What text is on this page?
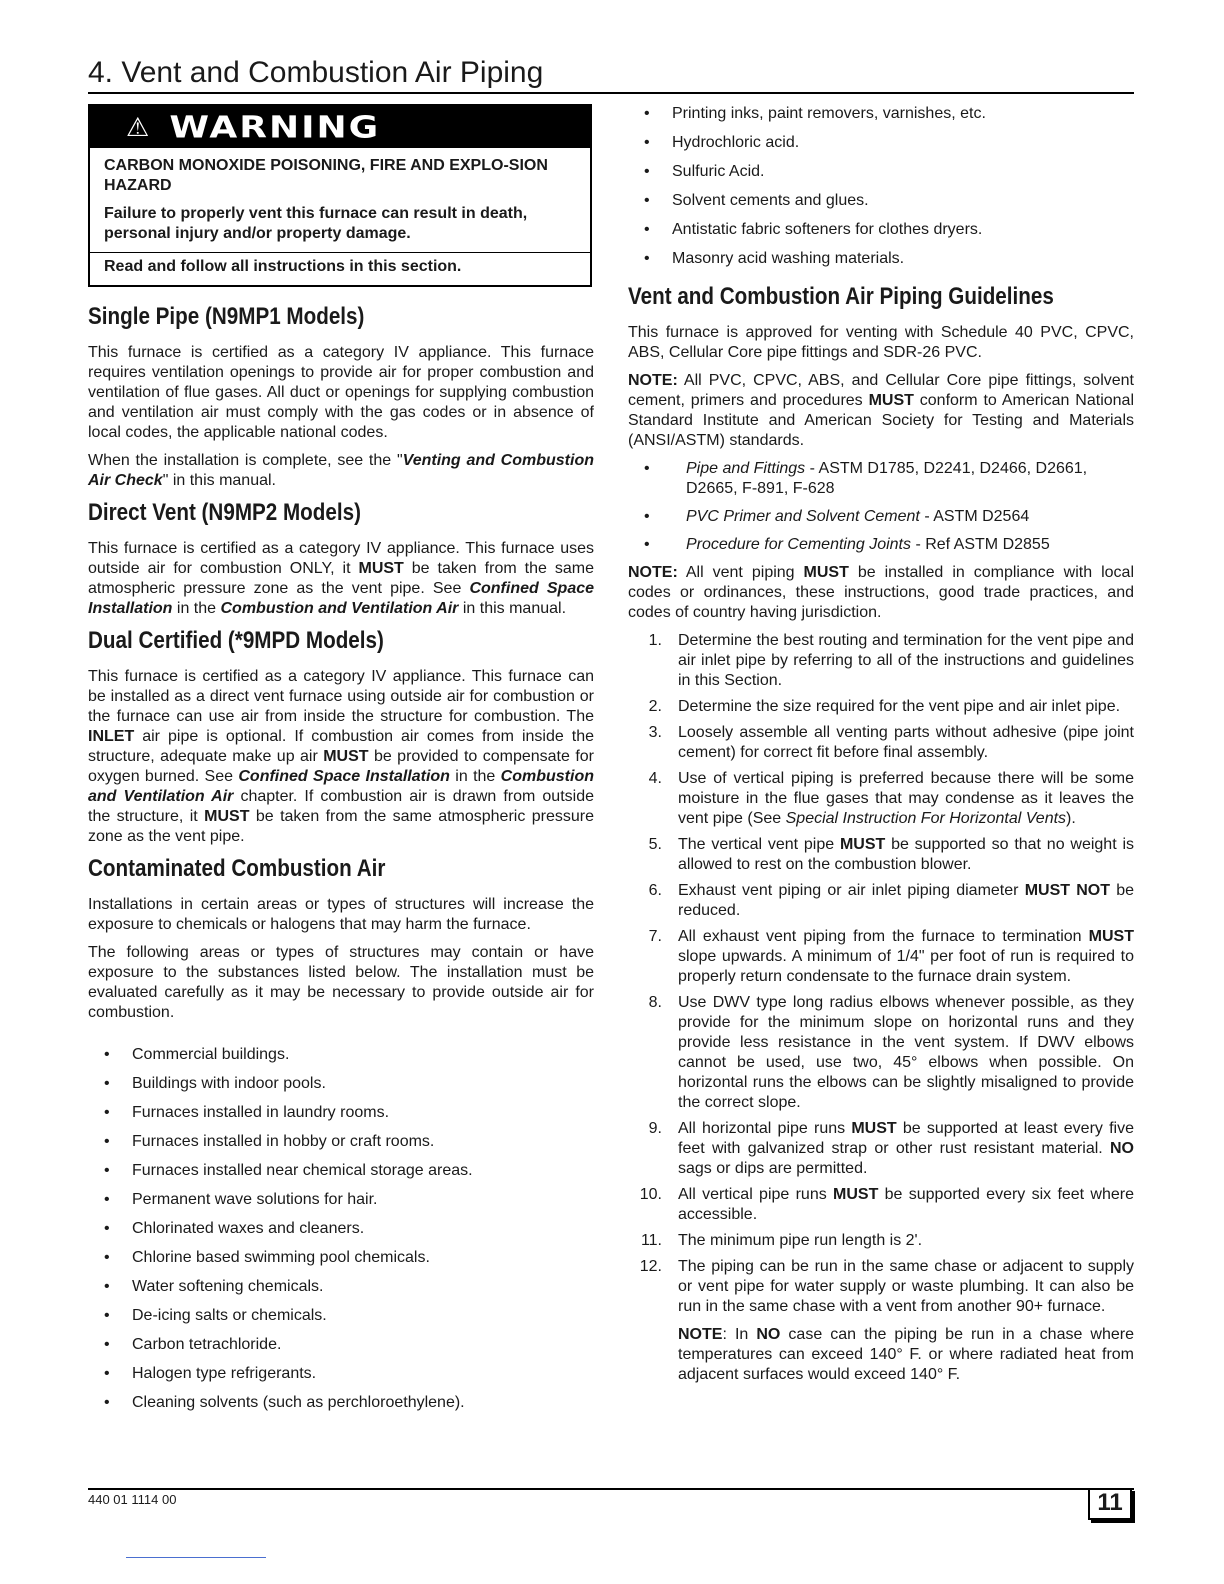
4. Vent and Combustion Air Piping
⚠ WARNING

CARBON MONOXIDE POISONING, FIRE AND EXPLO-SION HAZARD

Failure to properly vent this furnace can result in death, personal injury and/or property damage.

Read and follow all instructions in this section.

Single Pipe (N9MP1 Models)

This furnace is certified as a category IV appliance. This furnace requires ventilation openings to provide air for proper combustion and ventilation of flue gases. All duct or openings for supplying combustion and ventilation air must comply with the gas codes or in absence of local codes, the applicable national codes.

When the installation is complete, see the "Venting and Combustion Air Check" in this manual.

Direct Vent (N9MP2 Models)

This furnace is certified as a category IV appliance. This furnace uses outside air for combustion ONLY, it MUST be taken from the same atmospheric pressure zone as the vent pipe. See Confined Space Installation in the Combustion and Ventilation Air in this manual.

Dual Certified (*9MPD Models)

This furnace is certified as a category IV appliance. This furnace can be installed as a direct vent furnace using outside air for combustion or the furnace can use air from inside the structure for combustion. The INLET air pipe is optional. If combustion air comes from inside the structure, adequate make up air MUST be provided to compensate for oxygen burned. See Confined Space Installation in the Combustion and Ventilation Air chapter. If combustion air is drawn from outside the structure, it MUST be taken from the same atmospheric pressure zone as the vent pipe.

Contaminated Combustion Air

Installations in certain areas or types of structures will increase the exposure to chemicals or halogens that may harm the furnace.

The following areas or types of structures may contain or have exposure to the substances listed below. The installation must be evaluated carefully as it may be necessary to provide outside air for combustion.

• Commercial buildings.
• Buildings with indoor pools.
• Furnaces installed in laundry rooms.
• Furnaces installed in hobby or craft rooms.
• Furnaces installed near chemical storage areas.
• Permanent wave solutions for hair.
• Chlorinated waxes and cleaners.
• Chlorine based swimming pool chemicals.
• Water softening chemicals.
• De-icing salts or chemicals.
• Carbon tetrachloride.
• Halogen type refrigerants.
• Cleaning solvents (such as perchloroethylene).
• Printing inks, paint removers, varnishes, etc.
• Hydrochloric acid.
• Sulfuric Acid.
• Solvent cements and glues.
• Antistatic fabric softeners for clothes dryers.
• Masonry acid washing materials.
Vent and Combustion Air Piping Guidelines

This furnace is approved for venting with Schedule 40 PVC, CPVC, ABS, Cellular Core pipe fittings and SDR-26 PVC.

NOTE: All PVC, CPVC, ABS, and Cellular Core pipe fittings, solvent cement, primers and procedures MUST conform to American National Standard Institute and American Society for Testing and Materials (ANSI/ASTM) standards.

• Pipe and Fittings - ASTM D1785, D2241, D2466, D2661, D2665, F-891, F-628
• PVC Primer and Solvent Cement - ASTM D2564
• Procedure for Cementing Joints - Ref ASTM D2855

NOTE: All vent piping MUST be installed in compliance with local codes or ordinances, these instructions, good trade practices, and codes of country having jurisdiction.

1. Determine the best routing and termination for the vent pipe and air inlet pipe by referring to all of the instructions and guidelines in this Section.
2. Determine the size required for the vent pipe and air inlet pipe.
3. Loosely assemble all venting parts without adhesive (pipe joint cement) for correct fit before final assembly.
4. Use of vertical piping is preferred because there will be some moisture in the flue gases that may condense as it leaves the vent pipe (See Special Instruction For Horizontal Vents).
5. The vertical vent pipe MUST be supported so that no weight is allowed to rest on the combustion blower.
6. Exhaust vent piping or air inlet piping diameter MUST NOT be reduced.
7. All exhaust vent piping from the furnace to termination MUST slope upwards. A minimum of 1/4" per foot of run is required to properly return condensate to the furnace drain system.
8. Use DWV type long radius elbows whenever possible, as they provide for the minimum slope on horizontal runs and they provide less resistance in the vent system. If DWV elbows cannot be used, use two, 45° elbows when possible. On horizontal runs the elbows can be slightly misaligned to provide the correct slope.
9. All horizontal pipe runs MUST be supported at least every five feet with galvanized strap or other rust resistant material. NO sags or dips are permitted.
10. All vertical pipe runs MUST be supported every six feet where accessible.
11. The minimum pipe run length is 2'.
12. The piping can be run in the same chase or adjacent to supply or vent pipe for water supply or waste plumbing. It can also be run in the same chase with a vent from another 90+ furnace.
NOTE: In NO case can the piping be run in a chase where temperatures can exceed 140° F. or where radiated heat from adjacent surfaces would exceed 140° F.
440 01 1114 00	11
